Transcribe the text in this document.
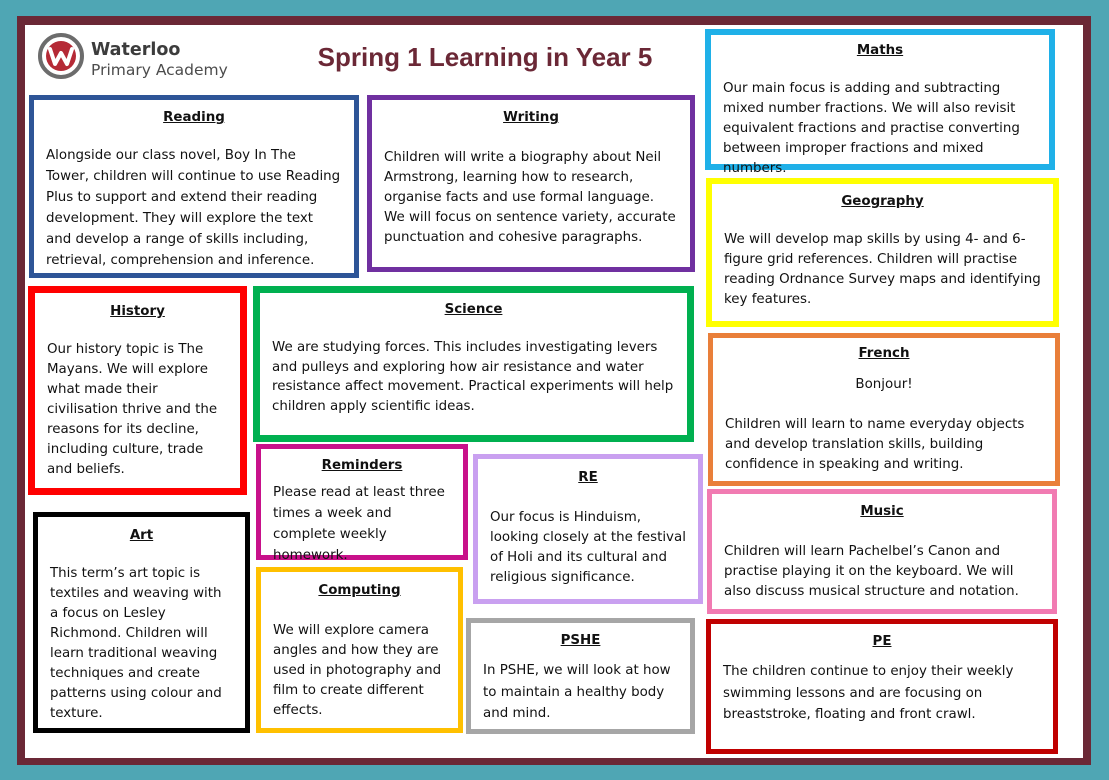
Waterloo
Primary Academy	Spring 1 Learning in Year 5
Reading

Alongside our class novel, Boy In The Tower, children will continue to use Reading Plus to support and extend their reading development. They will explore the text and develop a range of skills including, retrieval, comprehension and inference.

Writing

Children will write a biography about Neil Armstrong, learning how to research, organise facts and use formal language. We will focus on sentence variety, accurate punctuation and cohesive paragraphs.

Maths

Our main focus is adding and subtracting mixed number fractions. We will also revisit equivalent fractions and practise converting between improper fractions and mixed numbers.

History

Our history topic is The Mayans. We will explore what made their civilisation thrive and the reasons for its decline, including culture, trade and beliefs.

Science

We are studying forces. This includes investigating levers and pulleys and exploring how air resistance and water resistance affect movement. Practical experiments will help children apply scientific ideas.

Geography

We will develop map skills by using 4- and 6-figure grid references. Children will practise reading Ordnance Survey maps and identifying key features.

French

Bonjour!

Children will learn to name everyday objects and develop translation skills, building confidence in speaking and writing.

Reminders

Please read at least three times a week and complete weekly homework.

RE

Our focus is Hinduism, looking closely at the festival of Holi and its cultural and religious significance.

Music

Children will learn Pachelbel’s Canon and practise playing it on the keyboard. We will also discuss musical structure and notation.

Art

This term’s art topic is textiles and weaving with a focus on Lesley Richmond. Children will learn traditional weaving techniques and create patterns using colour and texture.

Computing

We will explore camera angles and how they are used in photography and film to create different effects.

PSHE

In PSHE, we will look at how to maintain a healthy body and mind.

PE

The children continue to enjoy their weekly swimming lessons and are focusing on breaststroke, floating and front crawl.
